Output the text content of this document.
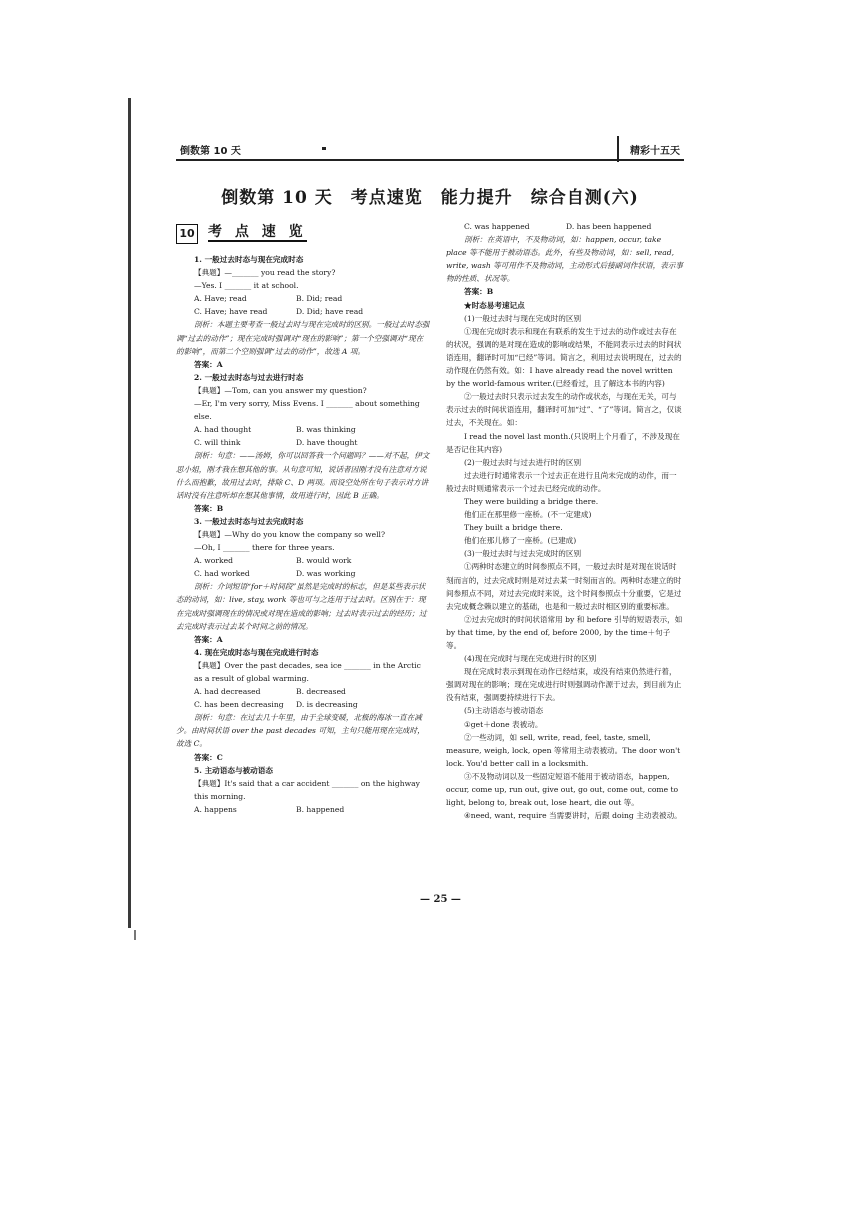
倒数第 10 天	精彩十五天
倒数第 10 天　考点速览　能力提升　综合自测(六)
10 考 点 速 览

1. 一般过去时态与现在完成时态

【典题】—_______ you read the story?

—Yes. I _______ it at school.

A. Have; read	B. Did; read
C. Have; have read	D. Did; have read

剖析：本题主要考查一般过去时与现在完成时的区别。一般过去时态强调“过去的动作”；现在完成时强调对“现在的影响”；第一个空强调对“现在的影响”，而第二个空则强调“过去的动作”，故选 A 项。

答案：A

2. 一般过去时态与过去进行时态

【典题】—Tom, can you answer my question?

—Er, I'm very sorry, Miss Evens. I _______ about something else.

A. had thought	B. was thinking
C. will think	D. have thought

剖析：句意：——汤姆，你可以回答我一个问题吗？——对不起，伊文思小姐，刚才我在想其他的事。从句意可知，说话者因刚才没有注意对方说什么而抱歉，故用过去时，排除 C、D 两项。而设空处所在句子表示对方讲话时没有注意听却在想其他事情，故用进行时，因此 B 正确。

答案：B

3. 一般过去时态与过去完成时态

【典题】—Why do you know the company so well?

—Oh, I _______ there for three years.

A. worked	B. would work
C. had worked	D. was working

剖析：介词短语“for＋时间段”虽然是完成时的标志，但是某些表示状态的动词，如：live, stay, work 等也可与之连用于过去时。区别在于：现在完成时强调现在的情况或对现在造成的影响；过去时表示过去的经历；过去完成时表示过去某个时间之前的情况。

答案：A

4. 现在完成时态与现在完成进行时态

【典题】Over the past decades, sea ice _______ in the Arctic as a result of global warming.

A. had decreased	B. decreased
C. has been decreasing	D. is decreasing

剖析：句意：在过去几十年里，由于全球变暖，北极的海冰一直在减少。由时间状语 over the past decades 可知，主句只能用现在完成时，故选 C。

答案：C

5. 主动语态与被动语态

【典题】It's said that a car accident _______ on the highway this morning.

A. happens	B. happened
C. was happened	D. has been happened

剖析：在英语中，不及物动词，如：happen, occur, take place 等不能用于被动语态。此外，有些及物动词，如：sell, read, write, wash 等可用作不及物动词，主动形式后接副词作状语，表示事物的性质、状况等。

答案：B

★时态易考速记点

(1)一般过去时与现在完成时的区别

①现在完成时表示和现在有联系的发生于过去的动作或过去存在的状况，强调的是对现在造成的影响或结果，不能同表示过去的时间状语连用，翻译时可加“已经”等词。简言之，利用过去说明现在，过去的动作现在仍然有效。如：I have already read the novel written by the world-famous writer.(已经看过，且了解这本书的内容)

②一般过去时只表示过去发生的动作或状态，与现在无关，可与表示过去的时间状语连用，翻译时可加“过”、“了”等词。简言之，仅谈过去，不关现在。如：

I read the novel last month.(只说明上个月看了，不涉及现在是否记住其内容)

(2)一般过去时与过去进行时的区别

过去进行时通常表示一个过去正在进行且尚未完成的动作，而一般过去时则通常表示一个过去已经完成的动作。

They were building a bridge there.

他们正在那里修一座桥。(不一定建成)

They built a bridge there.

他们在那儿修了一座桥。(已建成)

(3)一般过去时与过去完成时的区别

①两种时态建立的时间参照点不同，一般过去时是对现在说话时刻而言的，过去完成时则是对过去某一时刻而言的。两种时态建立的时间参照点不同，对过去完成时来说，这个时间参照点十分重要，它是过去完成概念赖以建立的基础，也是和一般过去时相区别的重要标准。

②过去完成时的时间状语常用 by 和 before 引导的短语表示，如 by that time, by the end of, before 2000, by the time＋句子等。

(4)现在完成时与现在完成进行时的区别

现在完成时表示到现在动作已经结束，或没有结束仍然进行着，强调对现在的影响；现在完成进行时则强调动作源于过去，到目前为止没有结束，强调要持续进行下去。

(5)主动语态与被动语态

①get＋done 表被动。

②一些动词，如 sell, write, read, feel, taste, smell, measure, weigh, lock, open 等常用主动表被动。The door won't lock. You'd better call in a locksmith.

③不及物动词以及一些固定短语不能用于被动语态，happen, occur, come up, run out, give out, go out, come out, come to light, belong to, break out, lose heart, die out 等。

④need, want, require 当需要讲时，后跟 doing 主动表被动。

— 25 —
